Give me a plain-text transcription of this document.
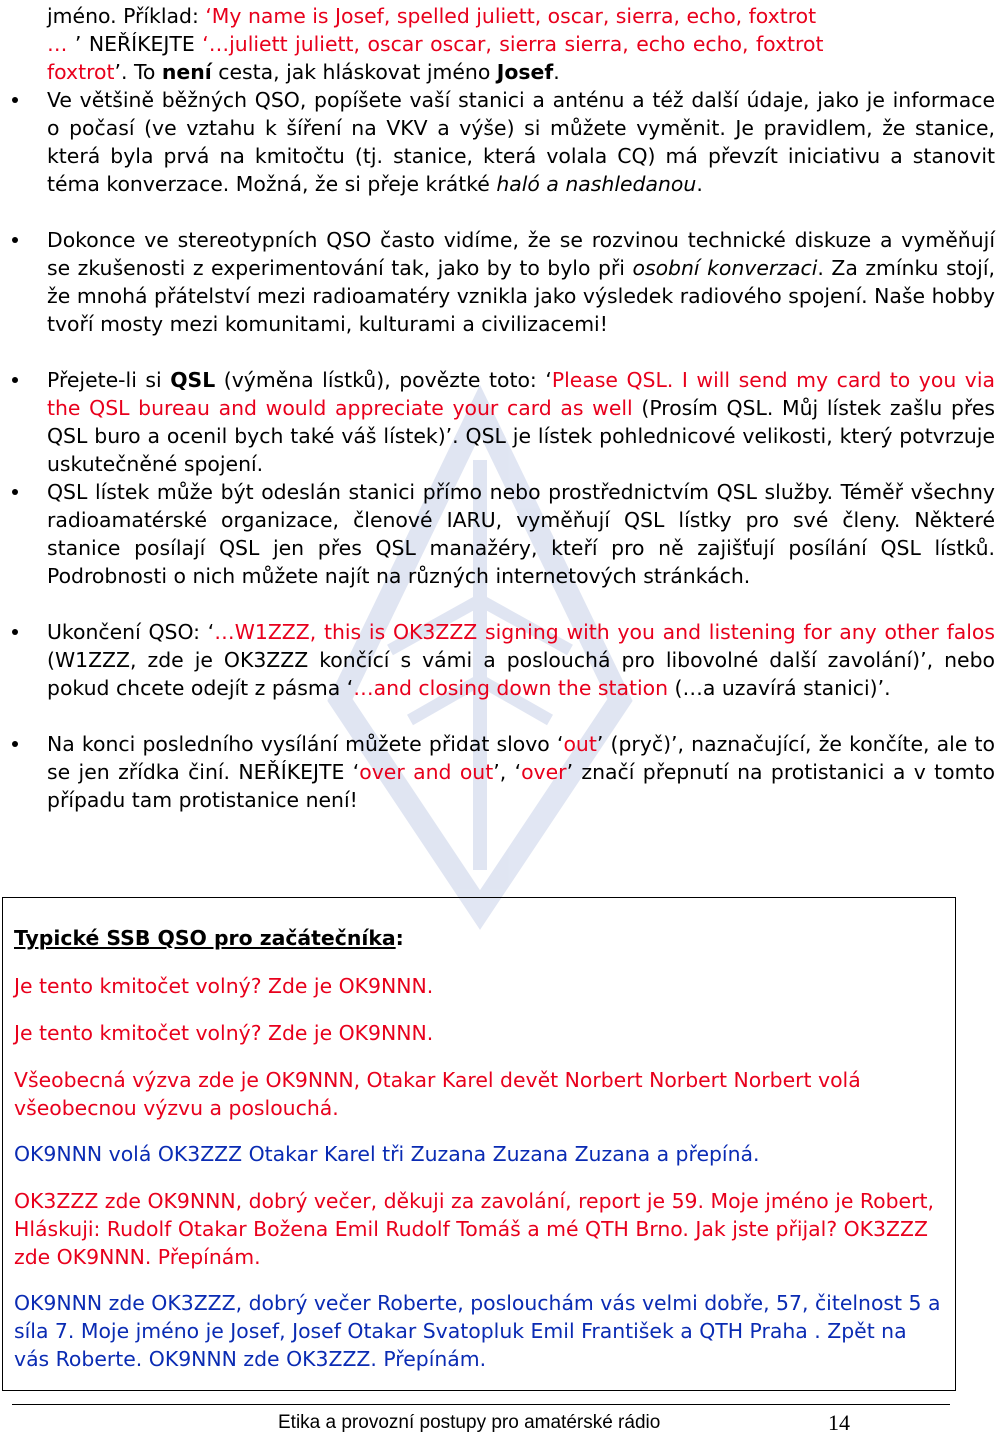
jméno. Příklad: ‘My name is Josef, spelled juliett, oscar, sierra, echo, foxtrot
… ’ NEŘÍKEJTE ‘…juliett juliett, oscar oscar, sierra sierra, echo echo, foxtrot
foxtrot’. To není cesta, jak hláskovat jméno Josef.
Ve většině běžných QSO, popíšete vaší stanici a anténu a též další údaje, jako je informace o počasí (ve vztahu k šíření na VKV a výše) si můžete vyměnit. Je pravidlem, že stanice, která byla prvá na kmitočtu (tj. stanice, která volala CQ) má převzít iniciativu a stanovit téma konverzace. Možná, že si přeje krátké haló a nashledanou.
Dokonce ve stereotypních QSO často vidíme, že se rozvinou technické diskuze a vyměňují se zkušenosti z experimentování tak, jako by to bylo při osobní konverzaci. Za zmínku stojí, že mnohá přátelství mezi radioamatéry vznikla jako výsledek radiového spojení. Naše hobby tvoří mosty mezi komunitami, kulturami a civilizacemi!
Přejete-li si QSL (výměna lístků), povězte toto: ‘Please QSL. I will send my card to you via the QSL bureau and would appreciate your card as well (Prosím QSL. Můj lístek zašlu přes QSL buro a ocenil bych také váš lístek)’. QSL je lístek pohlednicové velikosti, který potvrzuje uskutečněné spojení.
QSL lístek může být odeslán stanici přímo nebo prostřednictvím QSL služby. Téměř všechny radioamatérské organizace, členové IARU, vyměňují QSL lístky pro své členy. Některé stanice posílají QSL jen přes QSL manažéry, kteří pro ně zajišťují posílání QSL lístků. Podrobnosti o nich můžete najít na různých internetových stránkách.
Ukončení QSO: ‘…W1ZZZ, this is OK3ZZZ signing with you and listening for any other falos (W1ZZZ, zde je OK3ZZZ končící s vámi a poslouchá pro libovolné další zavolání)’, nebo pokud chcete odejít z pásma ‘…and closing down the station (…a uzavírá stanici)’.
Na konci posledního vysílání můžete přidat slovo ‘out’ (pryč)’, naznačující, že končíte, ale to se jen zřídka činí. NEŘÍKEJTE ‘over and out’, ‘over’ značí přepnutí na protistanici a v tomto případu tam protistanice není!
Typické SSB QSO pro začátečníka:

Je tento kmitočet volný? Zde je OK9NNN.

Je tento kmitočet volný? Zde je OK9NNN.

Všeobecná výzva zde je OK9NNN, Otakar Karel devět Norbert Norbert Norbert volá všeobecnou výzvu a poslouchá.

OK9NNN volá OK3ZZZ Otakar Karel tři Zuzana Zuzana Zuzana a přepíná.

OK3ZZZ zde OK9NNN, dobrý večer, děkuji za zavolání, report je 59. Moje jméno je Robert, Hláskuji: Rudolf Otakar Božena Emil Rudolf Tomáš a mé QTH Brno. Jak jste přijal? OK3ZZZ zde OK9NNN. Přepínám.

OK9NNN zde OK3ZZZ, dobrý večer Roberte, poslouchám vás velmi dobře, 57, čitelnost 5 a síla 7. Moje jméno je Josef, Josef Otakar Svatopluk Emil František a QTH Praha . Zpět na vás Roberte. OK9NNN zde OK3ZZZ. Přepínám.

Etika a provozní postupy pro amatérské rádio	14
